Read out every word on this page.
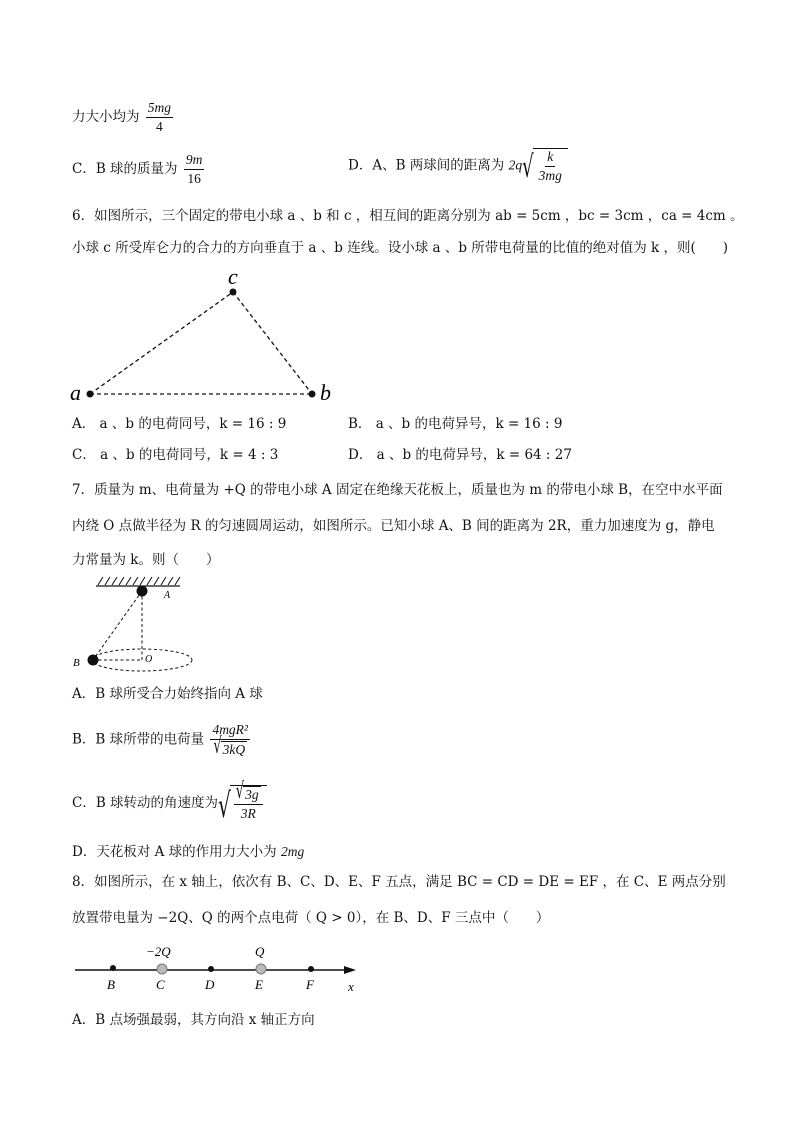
力大小均为 $\frac{5mg}{4}$
C．B 球的质量为 $\frac{9m}{16}$	D．A、B 两球间的距离为 2q √ $\frac{k}{3mg}$
6．如图所示，三个固定的带电小球 a 、b 和 c ，相互间的距离分别为 ab = 5cm ，bc = 3cm ，ca = 4cm 。
小球 c 所受库仑力的合力的方向垂直于 a 、b 连线。设小球 a 、b 所带电荷量的比值的绝对值为 k ，则(　　)
a	b
c
A． a 、b 的电荷同号，k = 16 : 9	B． a 、b 的电荷异号，k = 16 : 9
C． a 、b 的电荷同号，k = 4 : 3	D． a 、b 的电荷异号，k = 64 : 27
7．质量为 m、电荷量为 +Q 的带电小球 A 固定在绝缘天花板上，质量也为 m 的带电小球 B，在空中水平面
内绕 O 点做半径为 R 的匀速圆周运动，如图所示。已知小球 A、B 间的距离为 2R，重力加速度为 g，静电
力常量为 k。则（　　）
A
B	O
A．B 球所受合力始终指向 A 球
B．B 球所带的电荷量 $\frac{\text{4mgR²}}{√ 3kQ}$
C．B 球转动的角速度为 √ $\frac{√ 3g}{3R}$
D．天花板对 A 球的作用力大小为 2mg
8．如图所示，在 x 轴上，依次有 B、C、D、E、F 五点，满足 BC = CD = DE = EF ，在 C、E 两点分别
放置带电量为 −2Q、Q 的两个点电荷（ Q > 0），在 B、D、F 三点中（　　）
−2Q	Q
B	C	D	E	F	x
A．B 点场强最弱，其方向沿 x 轴正方向
